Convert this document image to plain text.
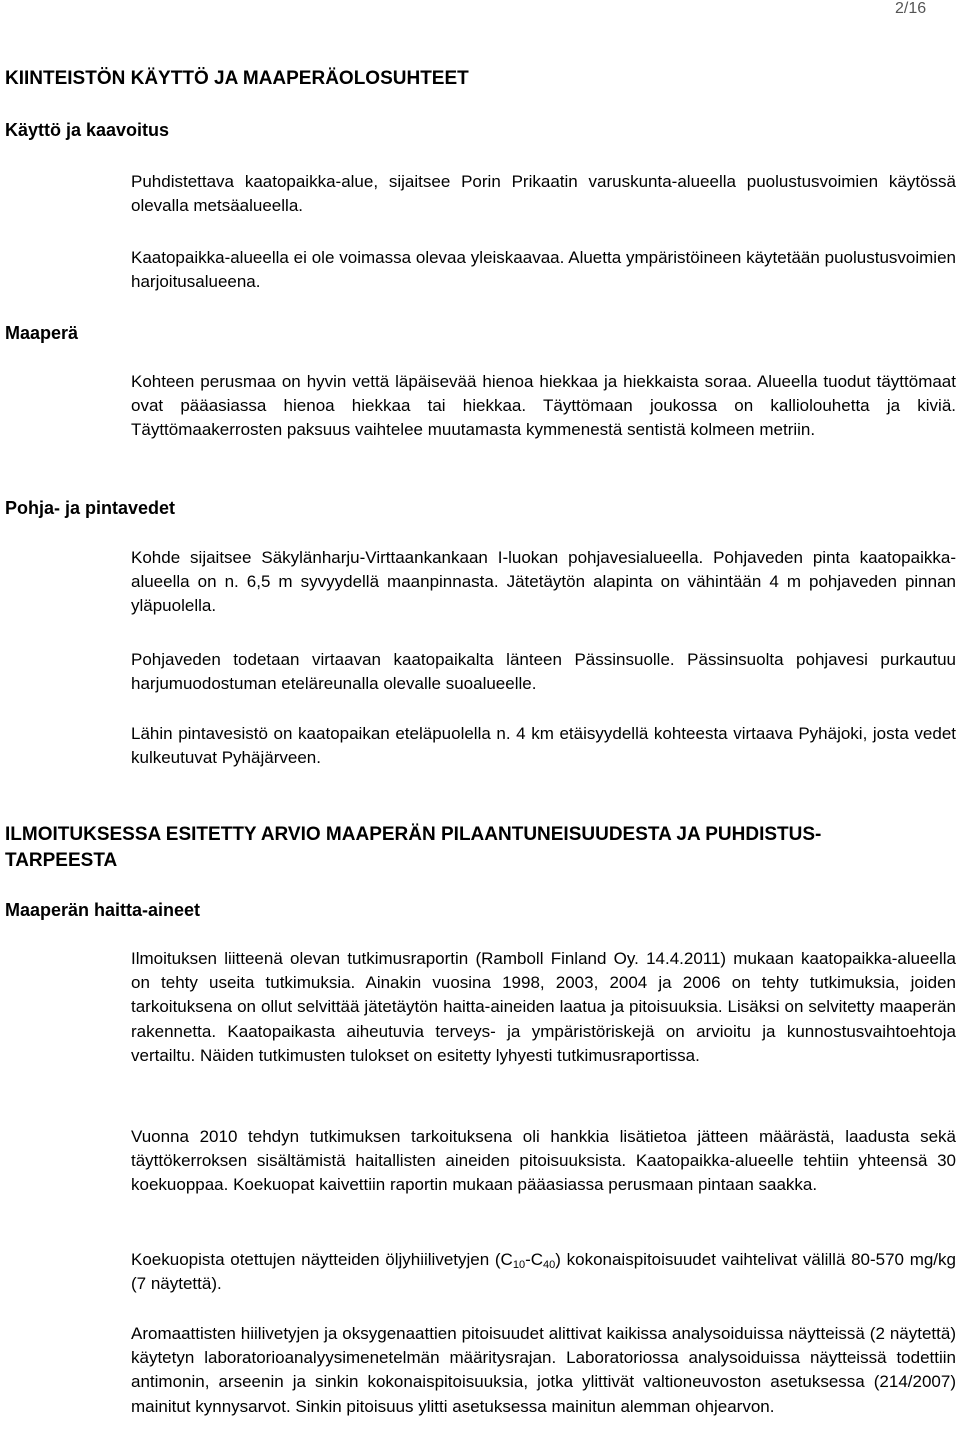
2/16
KIINTEISTÖN KÄYTTÖ JA MAAPERÄOLOSUHTEET
Käyttö ja kaavoitus

Puhdistettava kaatopaikka-alue, sijaitsee Porin Prikaatin varuskunta-alueella puolustusvoimien käytössä olevalla metsäalueella.

Kaatopaikka-alueella ei ole voimassa olevaa yleiskaavaa. Aluetta ympäristöineen käytetään puolustusvoimien harjoitusalueena.

Maaperä

Kohteen perusmaa on hyvin vettä läpäisevää hienoa hiekkaa ja hiekkaista soraa. Alueella tuodut täyttömaat ovat pääasiassa hienoa hiekkaa tai hiekkaa. Täyttömaan joukossa on kalliolouhetta ja kiviä. Täyttömaakerrosten paksuus vaihtelee muutamasta kymmenestä sentistä kolmeen metriin.

Pohja- ja pintavedet

Kohde sijaitsee Säkylänharju-Virttaankankaan I-luokan pohjavesialueella. Pohjaveden pinta kaatopaikka-alueella on n. 6,5 m syvyydellä maanpinnasta. Jätetäytön alapinta on vähintään 4 m pohjaveden pinnan yläpuolella.

Pohjaveden todetaan virtaavan kaatopaikalta länteen Pässinsuolle. Pässinsuolta pohjavesi purkautuu harjumuodostuman eteläreunalla olevalle suoalueelle.

Lähin pintavesistö on kaatopaikan eteläpuolella n. 4 km etäisyydellä kohteesta virtaava Pyhäjoki, josta vedet kulkeutuvat Pyhäjärveen.

ILMOITUKSESSA ESITETTY ARVIO MAAPERÄN PILAANTUNEISUUDESTA JA PUHDISTUS-
TARPEESTA
Maaperän haitta-aineet

Ilmoituksen liitteenä olevan tutkimusraportin (Ramboll Finland Oy. 14.4.2011) mukaan kaatopaikka-alueella on tehty useita tutkimuksia. Ainakin vuosina 1998, 2003, 2004 ja 2006 on tehty tutkimuksia, joiden tarkoituksena on ollut selvittää jätetäytön haitta-aineiden laatua ja pitoisuuksia. Lisäksi on selvitetty maaperän rakennetta. Kaatopaikasta aiheutuvia terveys- ja ympäristöriskejä on arvioitu ja kunnostusvaihtoehtoja vertailtu. Näiden tutkimusten tulokset on esitetty lyhyesti tutkimusraportissa.

Vuonna 2010 tehdyn tutkimuksen tarkoituksena oli hankkia lisätietoa jätteen määrästä, laadusta sekä täyttökerroksen sisältämistä haitallisten aineiden pitoisuuksista. Kaatopaikka-alueelle tehtiin yhteensä 30 koekuoppaa. Koekuopat kaivettiin raportin mukaan pääasiassa perusmaan pintaan saakka.

Koekuopista otettujen näytteiden öljyhiilivetyjen $(C_{10}-C_{40})$ kokonaispitoisuudet vaihtelivat välillä 80-570 mg/kg (7 näytettä).

Aromaattisten hiilivetyjen ja oksygenaattien pitoisuudet alittivat kaikissa analysoiduissa näytteissä (2 näytettä) käytetyn laboratorioanalyysimenetelmän määritysrajan. Laboratoriossa analysoiduissa näytteissä todettiin antimonin, arseenin ja sinkin kokonaispitoisuuksia, jotka ylittivät valtioneuvoston asetuksessa (214/2007) mainitut kynnysarvot. Sinkin pitoisuus ylitti asetuksessa mainitun alemman ohjearvon.
